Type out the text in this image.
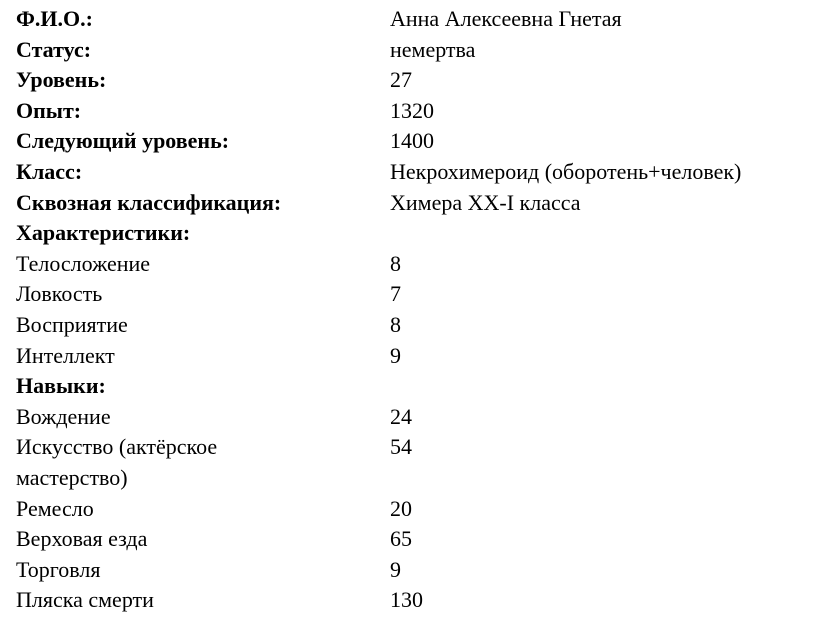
Ф.И.О.:	Анна Алексеевна Гнетая
Статус:	немертва
Уровень:	27
Опыт:	1320
Следующий уровень:	1400
Класс:	Некрохимероид (оборотень+человек)
Сквозная классификация:	Химера XX-I класса
Характеристики:
Телосложение	8
Ловкость	7
Восприятие	8
Интеллект	9
Навыки:
Вождение	24
Искусство (актёрское	54
мастерство)
Ремесло	20
Верховая езда	65
Торговля	9
Пляска смерти	130
